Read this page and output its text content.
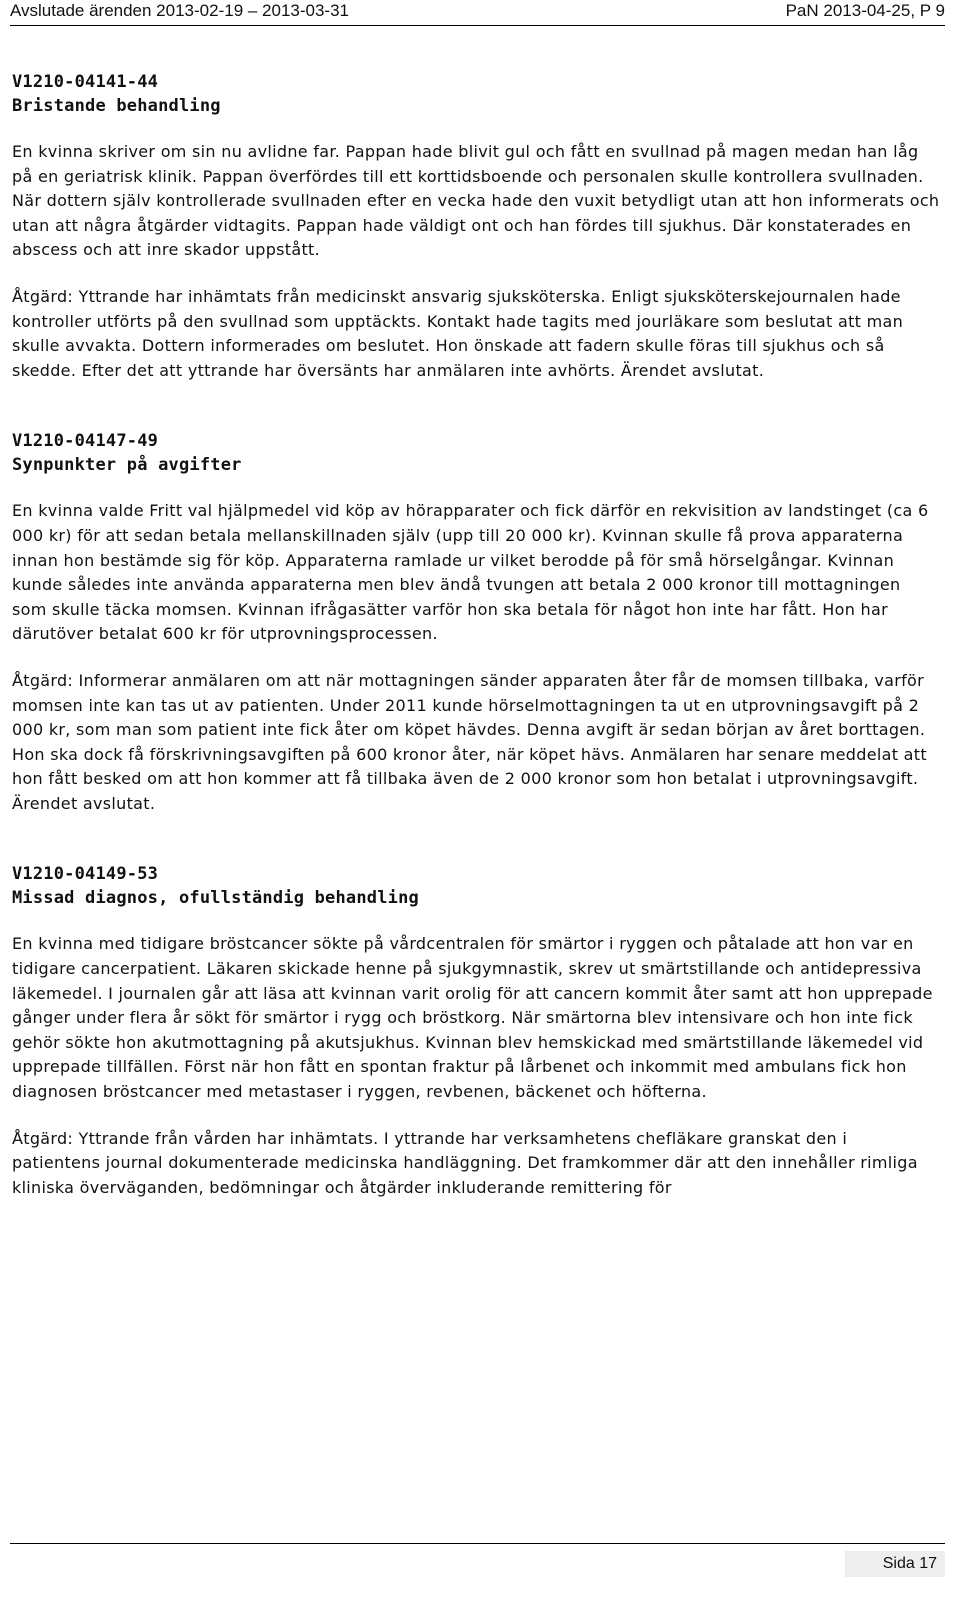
Avslutade ärenden 2013-02-19 – 2013-03-31	PaN 2013-04-25, P 9
V1210-04141-44
Bristande behandling

En kvinna skriver om sin nu avlidne far. Pappan hade blivit gul och fått en svullnad på magen medan han låg på en geriatrisk klinik. Pappan överfördes till ett korttidsboende och personalen skulle kontrollera svullnaden. När dottern själv kontrollerade svullnaden efter en vecka hade den vuxit betydligt utan att hon informerats och utan att några åtgärder vidtagits. Pappan hade väldigt ont och han fördes till sjukhus. Där konstaterades en abscess och att inre skador uppstått.

Åtgärd: Yttrande har inhämtats från medicinskt ansvarig sjuksköterska. Enligt sjuksköterskejournalen hade kontroller utförts på den svullnad som upptäckts. Kontakt hade tagits med jourläkare som beslutat att man skulle avvakta. Dottern informerades om beslutet. Hon önskade att fadern skulle föras till sjukhus och så skedde. Efter det att yttrande har översänts har anmälaren inte avhörts. Ärendet avslutat.

V1210-04147-49
Synpunkter på avgifter

En kvinna valde Fritt val hjälpmedel vid köp av hörapparater och fick därför en rekvisition av landstinget (ca 6 000 kr) för att sedan betala mellanskillnaden själv (upp till 20 000 kr). Kvinnan skulle få prova apparaterna innan hon bestämde sig för köp. Apparaterna ramlade ur vilket berodde på för små hörselgångar. Kvinnan kunde således inte använda apparaterna men blev ändå tvungen att betala 2 000 kronor till mottagningen som skulle täcka momsen. Kvinnan ifrågasätter varför hon ska betala för något hon inte har fått. Hon har därutöver betalat 600 kr för utprovningsprocessen.

Åtgärd: Informerar anmälaren om att när mottagningen sänder apparaten åter får de momsen tillbaka, varför momsen inte kan tas ut av patienten. Under 2011 kunde hörselmottagningen ta ut en utprovningsavgift på 2 000 kr, som man som patient inte fick åter om köpet hävdes. Denna avgift är sedan början av året borttagen. Hon ska dock få förskrivningsavgiften på 600 kronor åter, när köpet hävs. Anmälaren har senare meddelat att hon fått besked om att hon kommer att få tillbaka även de 2 000 kronor som hon betalat i utprovningsavgift. Ärendet avslutat.

V1210-04149-53
Missad diagnos, ofullständig behandling

En kvinna med tidigare bröstcancer sökte på vårdcentralen för smärtor i ryggen och påtalade att hon var en tidigare cancerpatient. Läkaren skickade henne på sjukgymnastik, skrev ut smärtstillande och antidepressiva läkemedel. I journalen går att läsa att kvinnan varit orolig för att cancern kommit åter samt att hon upprepade gånger under flera år sökt för smärtor i rygg och bröstkorg. När smärtorna blev intensivare och hon inte fick gehör sökte hon akutmottagning på akutsjukhus. Kvinnan blev hemskickad med smärtstillande läkemedel vid upprepade tillfällen. Först när hon fått en spontan fraktur på lårbenet och inkommit med ambulans fick hon diagnosen bröstcancer med metastaser i ryggen, revbenen, bäckenet och höfterna.

Åtgärd: Yttrande från vården har inhämtats. I yttrande har verksamhetens chefläkare granskat den i patientens journal dokumenterade medicinska handläggning. Det framkommer där att den innehåller rimliga kliniska överväganden, bedömningar och åtgärder inkluderande remittering för

Sida 17
